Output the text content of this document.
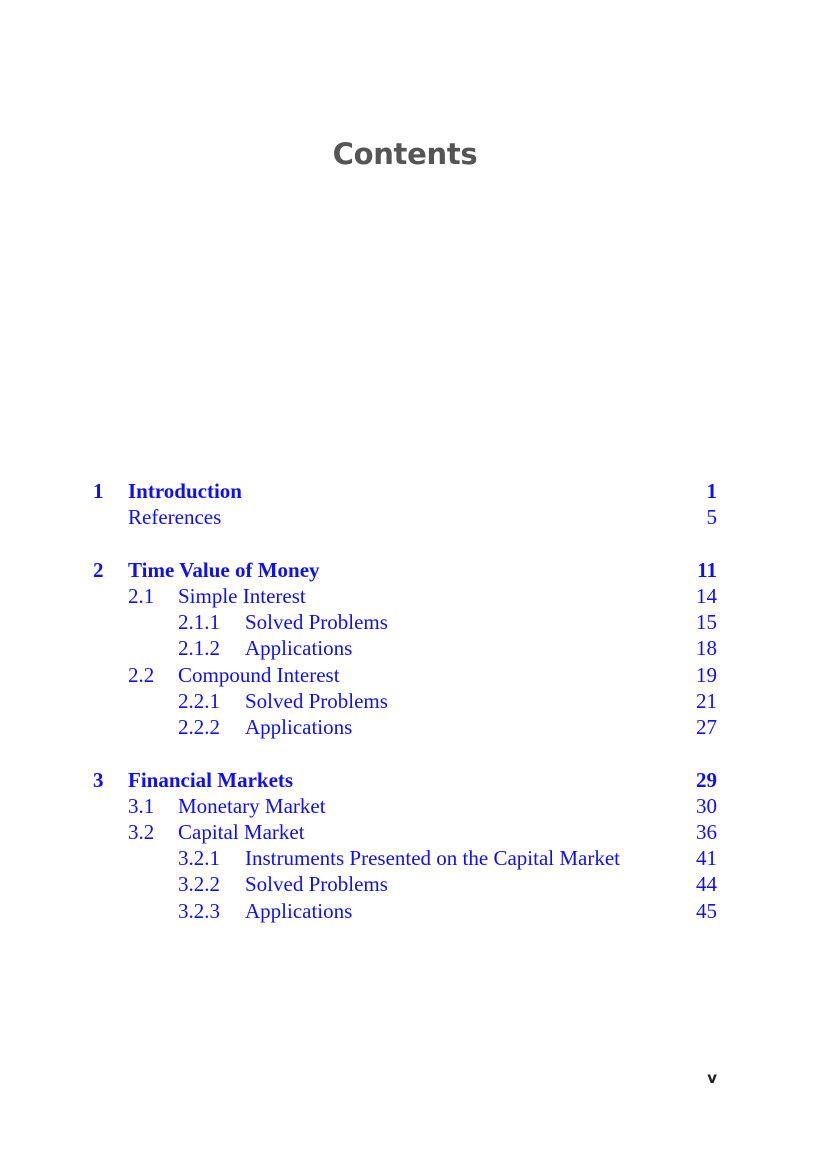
Contents
1 Introduction	1
References	5
2 Time Value of Money	11
2.1 Simple Interest	14
2.1.1 Solved Problems	15
2.1.2 Applications	18
2.2 Compound Interest	19
2.2.1 Solved Problems	21
2.2.2 Applications	27
3 Financial Markets	29
3.1 Monetary Market	30
3.2 Capital Market	36
3.2.1 Instruments Presented on the Capital Market	41
3.2.2 Solved Problems	44
3.2.3 Applications	45
v
